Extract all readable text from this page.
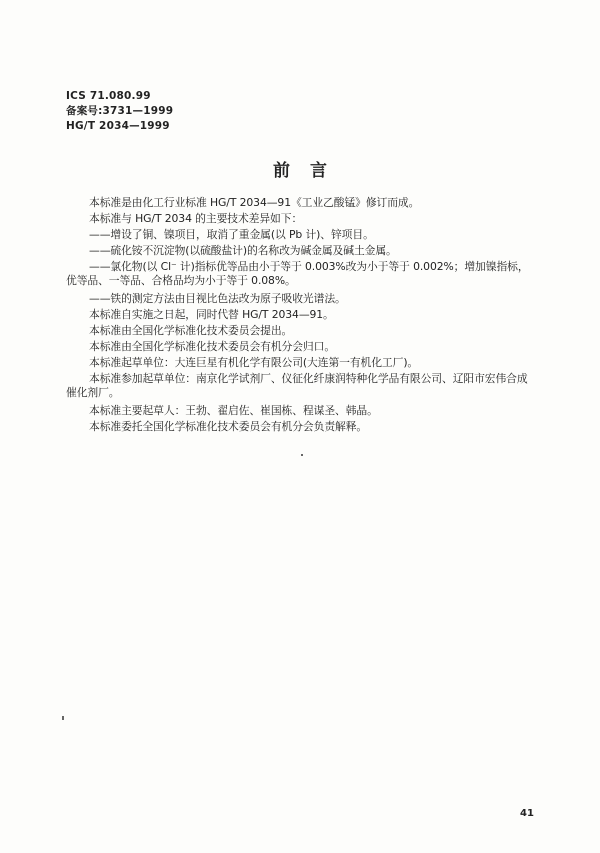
ICS 71.080.99
备案号:3731—1999
HG/T 2034—1999
前言
本标准是由化工行业标准 HG/T 2034—91《工业乙酸锰》修订而成。
本标准与 HG/T 2034 的主要技术差异如下：
——增设了铜、镍项目，取消了重金属(以 Pb 计)、锌项目。
——硫化铵不沉淀物(以硫酸盐计)的名称改为碱金属及碱土金属。
——氯化物(以 Cl⁻ 计)指标优等品由小于等于 0.003%改为小于等于 0.002%；增加镍指标，优等品、一等品、合格品均为小于等于 0.08%。
——铁的测定方法由目视比色法改为原子吸收光谱法。
本标准自实施之日起，同时代替 HG/T 2034—91。
本标准由全国化学标准化技术委员会提出。
本标准由全国化学标准化技术委员会有机分会归口。
本标准起草单位：大连巨星有机化学有限公司(大连第一有机化工厂)。
本标准参加起草单位：南京化学试剂厂、仪征化纤康润特种化学品有限公司、辽阳市宏伟合成催化剂厂。
本标准主要起草人：王勃、翟启佐、崔国栋、程谋圣、韩晶。
本标准委托全国化学标准化技术委员会有机分会负责解释。
41
